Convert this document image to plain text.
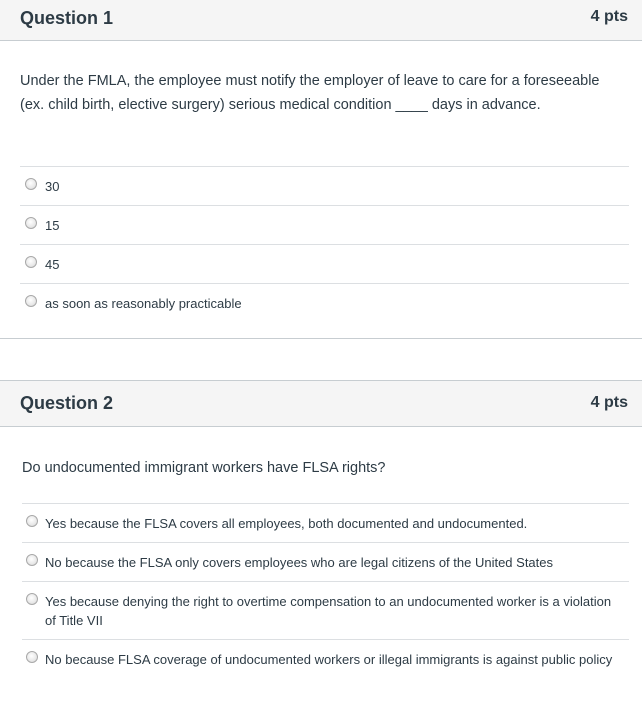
Question 1	4 pts
Under the FMLA, the employee must notify the employer of leave to care for a foreseeable (ex. child birth, elective surgery) serious medical condition ____ days in advance.
30
15
45
as soon as reasonably practicable
Question 2	4 pts
Do undocumented immigrant workers have FLSA rights?
Yes because the FLSA covers all employees, both documented and undocumented.
No because the FLSA only covers employees who are legal citizens of the United States
Yes because denying the right to overtime compensation to an undocumented worker is a violation of Title VII
No because FLSA coverage of undocumented workers or illegal immigrants is against public policy
